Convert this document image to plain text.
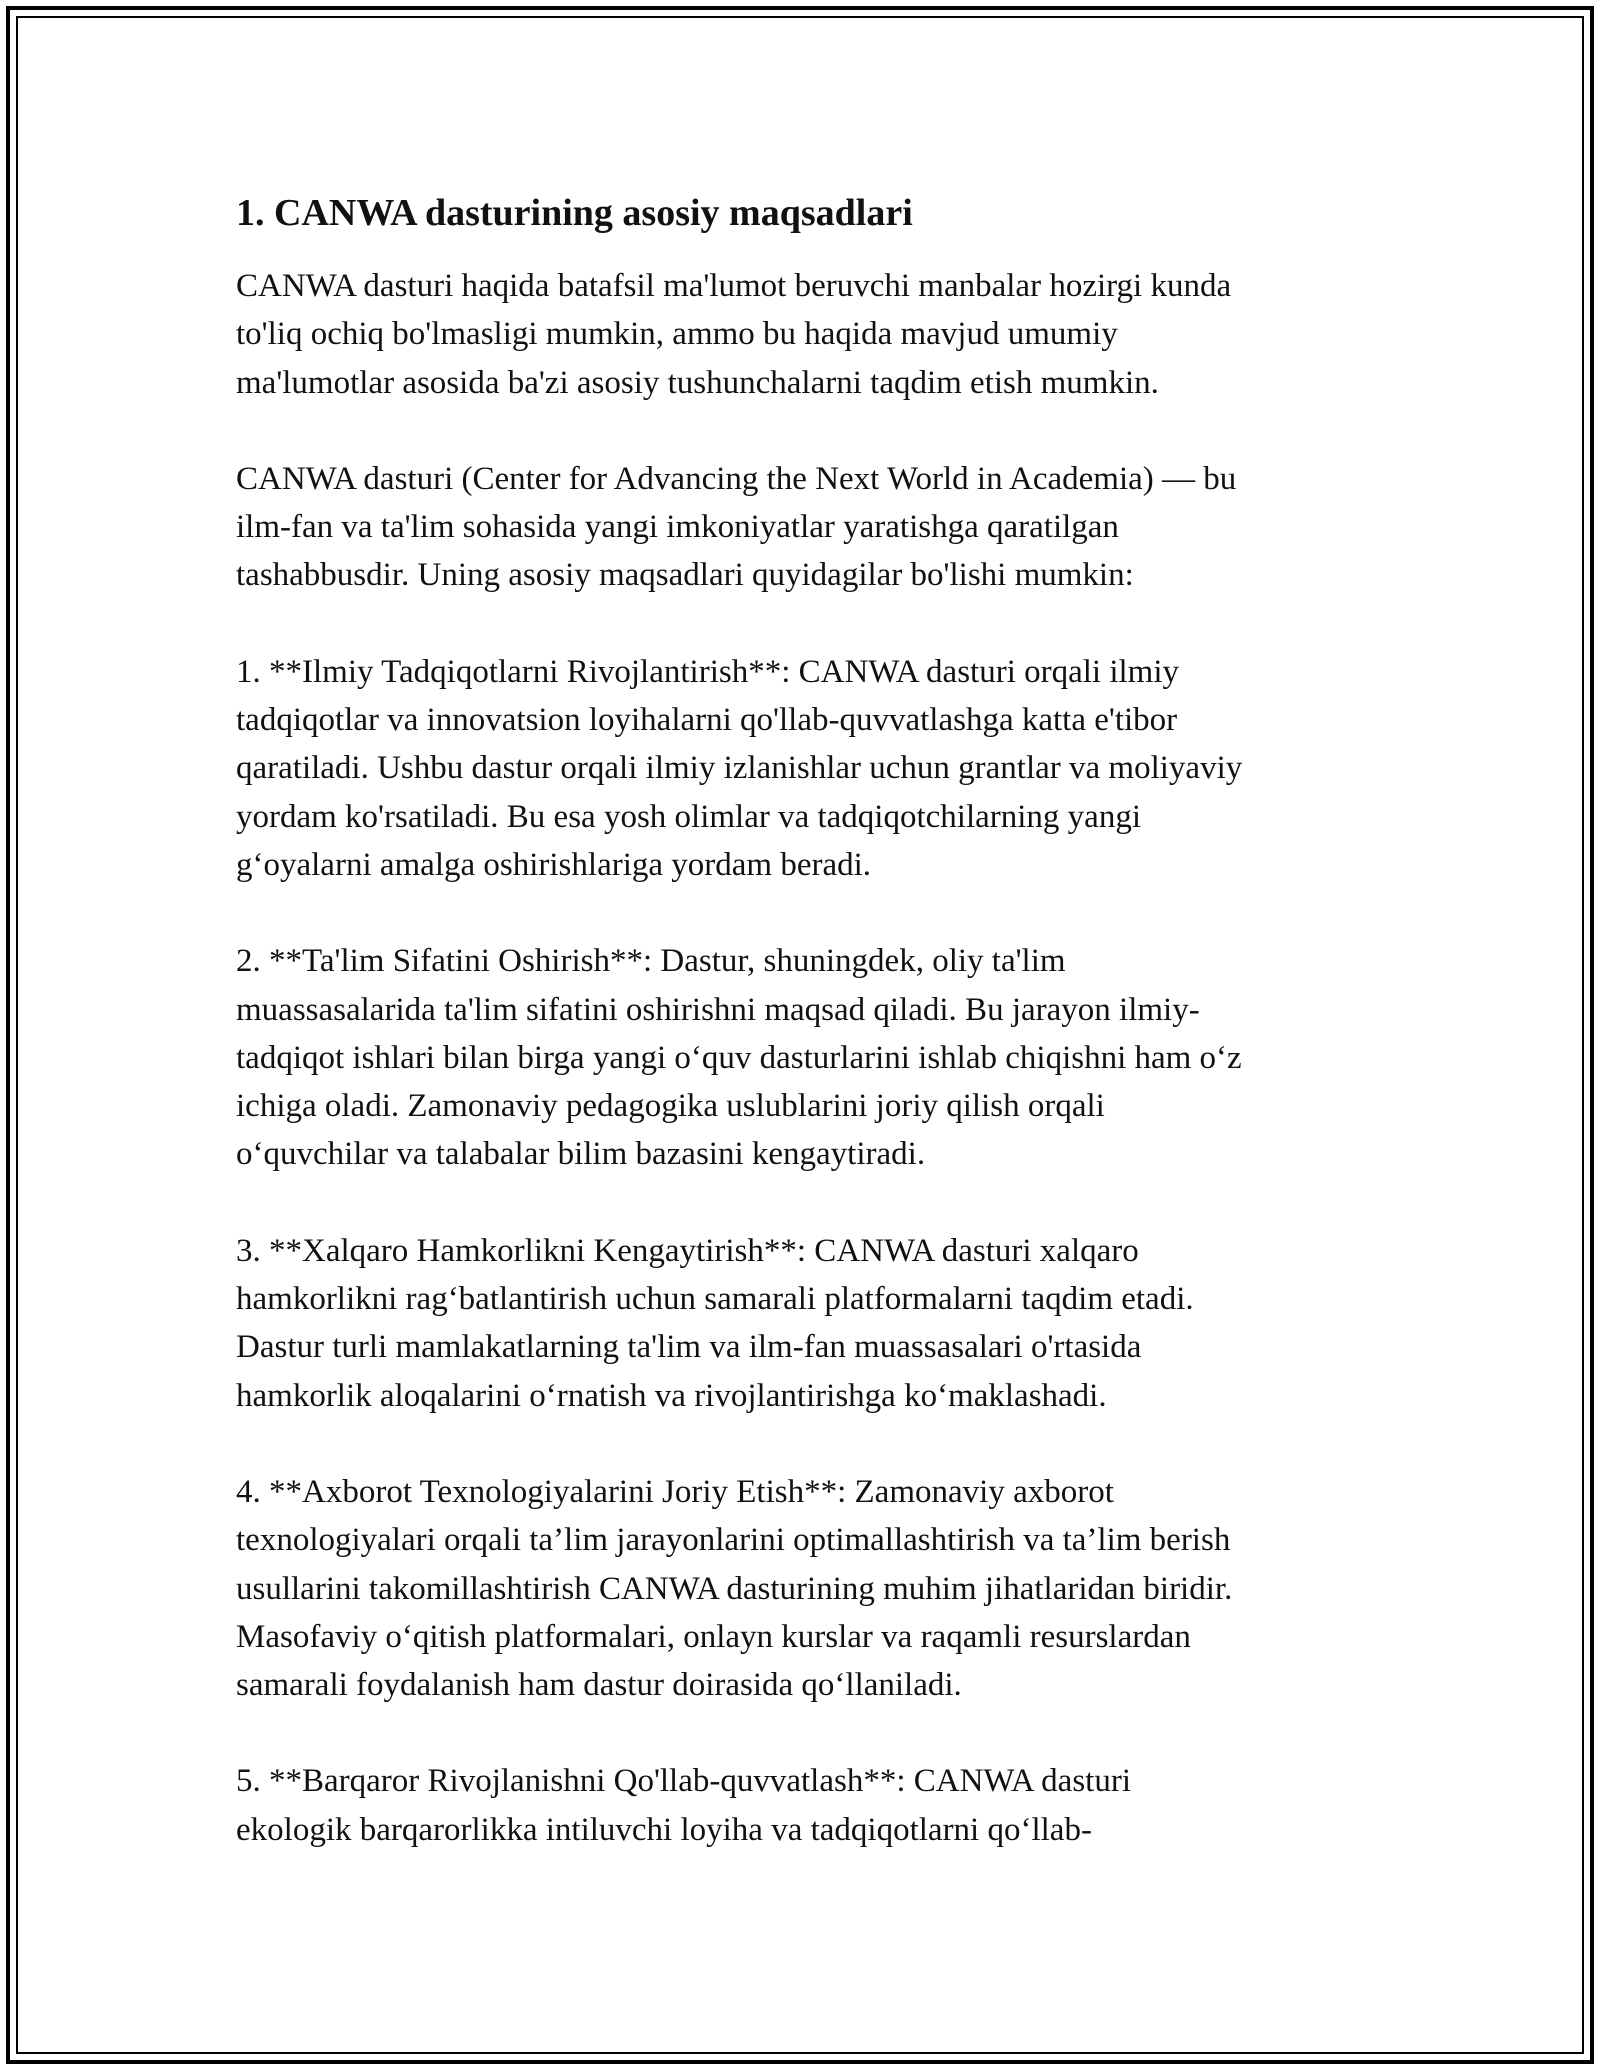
1. CANWA dasturining asosiy maqsadlari

CANWA dasturi haqida batafsil ma'lumot beruvchi manbalar hozirgi kunda
to'liq ochiq bo'lmasligi mumkin, ammo bu haqida mavjud umumiy
ma'lumotlar asosida ba'zi asosiy tushunchalarni taqdim etish mumkin.

CANWA dasturi (Center for Advancing the Next World in Academia) — bu
ilm-fan va ta'lim sohasida yangi imkoniyatlar yaratishga qaratilgan
tashabbusdir. Uning asosiy maqsadlari quyidagilar bo'lishi mumkin:

1. **Ilmiy Tadqiqotlarni Rivojlantirish**: CANWA dasturi orqali ilmiy
tadqiqotlar va innovatsion loyihalarni qo'llab-quvvatlashga katta e'tibor
qaratiladi. Ushbu dastur orqali ilmiy izlanishlar uchun grantlar va moliyaviy
yordam ko'rsatiladi. Bu esa yosh olimlar va tadqiqotchilarning yangi
g‘oyalarni amalga oshirishlariga yordam beradi.

2. **Ta'lim Sifatini Oshirish**: Dastur, shuningdek, oliy ta'lim
muassasalarida ta'lim sifatini oshirishni maqsad qiladi. Bu jarayon ilmiy-
tadqiqot ishlari bilan birga yangi o‘quv dasturlarini ishlab chiqishni ham o‘z
ichiga oladi. Zamonaviy pedagogika uslublarini joriy qilish orqali
o‘quvchilar va talabalar bilim bazasini kengaytiradi.

3. **Xalqaro Hamkorlikni Kengaytirish**: CANWA dasturi xalqaro
hamkorlikni rag‘batlantirish uchun samarali platformalarni taqdim etadi.
Dastur turli mamlakatlarning ta'lim va ilm-fan muassasalari o'rtasida
hamkorlik aloqalarini o‘rnatish va rivojlantirishga ko‘maklashadi.

4. **Axborot Texnologiyalarini Joriy Etish**: Zamonaviy axborot
texnologiyalari orqali ta’lim jarayonlarini optimallashtirish va ta’lim berish
usullarini takomillashtirish CANWA dasturining muhim jihatlaridan biridir.
Masofaviy o‘qitish platformalari, onlayn kurslar va raqamli resurslardan
samarali foydalanish ham dastur doirasida qo‘llaniladi.

5. **Barqaror Rivojlanishni Qo'llab-quvvatlash**: CANWA dasturi
ekologik barqarorlikka intiluvchi loyiha va tadqiqotlarni qo‘llab-
